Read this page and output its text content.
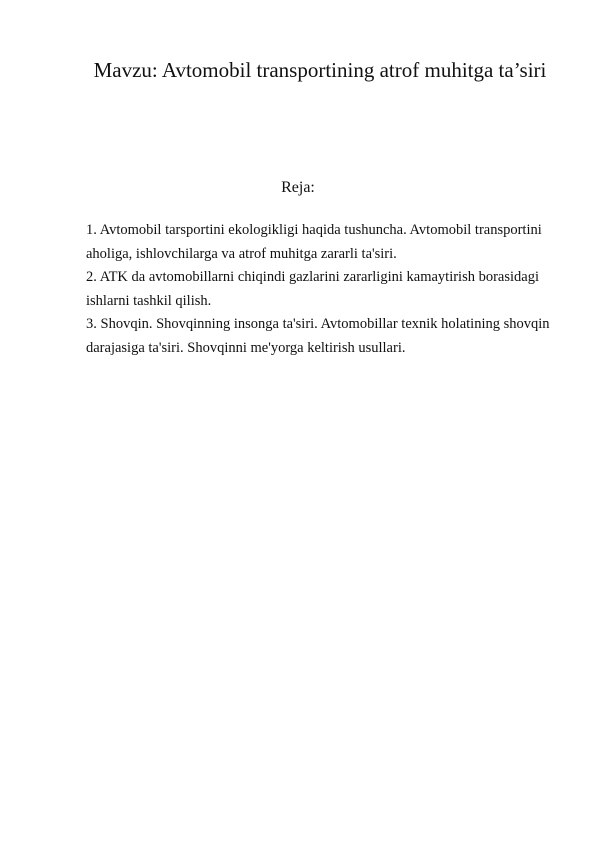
Mavzu: Avtomobil transportining atrof muhitga ta’siri
Reja:
1. Avtomobil tarsportini ekologikligi haqida tushuncha. Avtomobil transportini aholiga, ishlovchilarga va atrof muhitga zararli ta'siri.
2. ATK da avtomobillarni chiqindi gazlarini zararligini kamaytirish borasidagi ishlarni tashkil qilish.
3. Shovqin. Shovqinning insonga ta'siri. Avtomobillar texnik holatining shovqin darajasiga ta'siri. Shovqinni me'yorga keltirish usullari.
